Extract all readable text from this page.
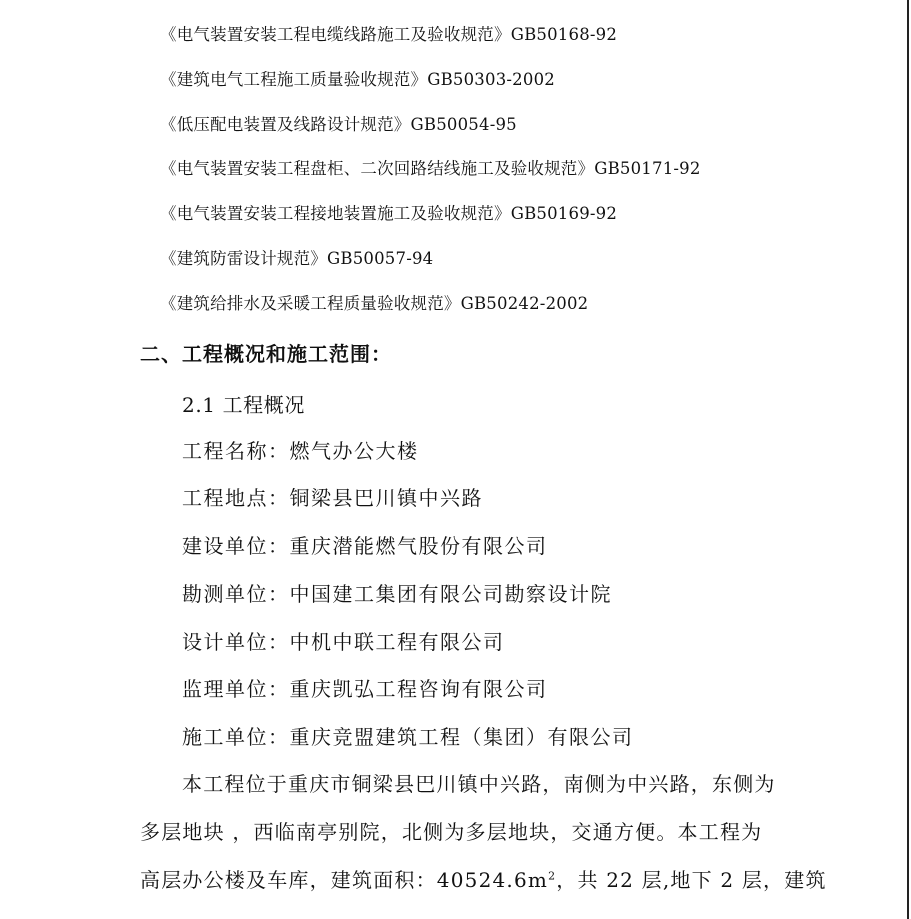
《电气装置安装工程电缆线路施工及验收规范》GB50168-92
《建筑电气工程施工质量验收规范》GB50303-2002
《低压配电装置及线路设计规范》GB50054-95
《电气装置安装工程盘柜、二次回路结线施工及验收规范》GB50171-92
《电气装置安装工程接地装置施工及验收规范》GB50169-92
《建筑防雷设计规范》GB50057-94
《建筑给排水及采暖工程质量验收规范》GB50242-2002
二、工程概况和施工范围：
2.1 工程概况
工程名称：燃气办公大楼
工程地点：铜梁县巴川镇中兴路
建设单位：重庆潜能燃气股份有限公司
勘测单位：中国建工集团有限公司勘察设计院
设计单位：中机中联工程有限公司
监理单位：重庆凯弘工程咨询有限公司
施工单位：重庆竞盟建筑工程（集团）有限公司
本工程位于重庆市铜梁县巴川镇中兴路，南侧为中兴路，东侧为
多层地块 ，西临南亭别院，北侧为多层地块，交通方便。本工程为
高层办公楼及车库，建筑面积：$40524.6m^2$，共 22 层,地下 2 层，建筑
